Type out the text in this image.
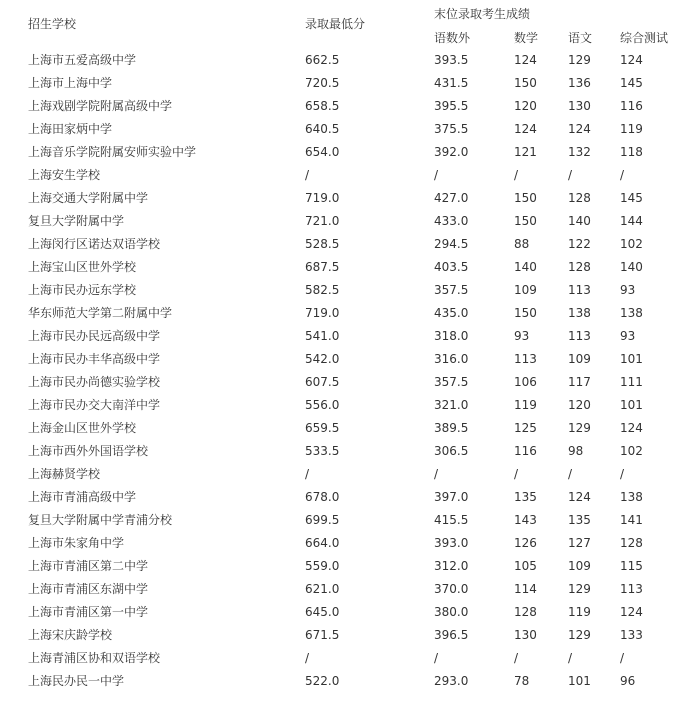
招生学校	录取最低分
末位录取考生成绩
语数外	数学 语文 综合测试
上海市五爱高级中学	662.5	393.5	124	129 124
上海市上海中学	720.5	431.5	150	136 145
上海戏剧学院附属高级中学	658.5	395.5	120	130 116
上海田家炳中学	640.5	375.5	124	124 119
上海音乐学院附属安师实验中学	654.0	392.0	121	132 118
上海安生学校	/	/	/	/	/
上海交通大学附属中学	719.0	427.0	150	128 145
复旦大学附属中学	721.0	433.0	150	140 144
上海闵行区诺达双语学校	528.5	294.5	88	122 102
上海宝山区世外学校	687.5	403.5	140	128 140
上海市民办远东学校	582.5	357.5	109	113 93
华东师范大学第二附属中学	719.0	435.0	150	138 138
上海市民办民远高级中学	541.0	318.0	93	113 93
上海市民办丰华高级中学	542.0	316.0	113	109 101
上海市民办尚德实验学校	607.5	357.5	106	117 111
上海市民办交大南洋中学	556.0	321.0	119	120 101
上海金山区世外学校	659.5	389.5	125	129 124
上海市西外外国语学校	533.5	306.5	116	98	102
上海赫贤学校	/	/	/	/	/
上海市青浦高级中学	678.0	397.0	135	124 138
复旦大学附属中学青浦分校	699.5	415.5	143	135 141
上海市朱家角中学	664.0	393.0	126	127 128
上海市青浦区第二中学	559.0	312.0	105	109 115
上海市青浦区东湖中学	621.0	370.0	114	129 113
上海市青浦区第一中学	645.0	380.0	128	119 124
上海宋庆龄学校	671.5	396.5	130	129 133
上海青浦区协和双语学校	/	/	/	/	/
上海民办民一中学	522.0	293.0	78	101 96
